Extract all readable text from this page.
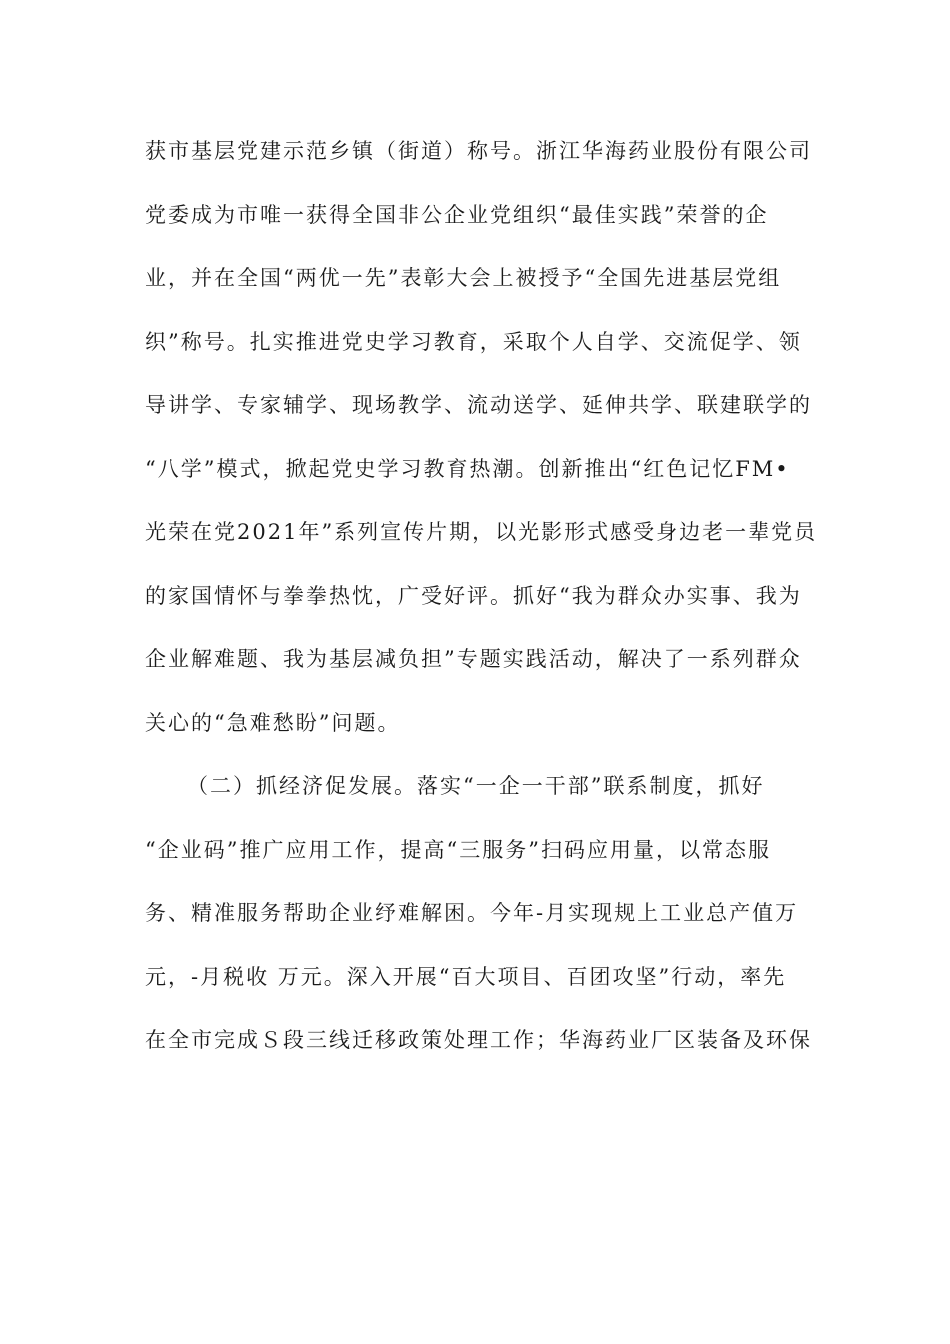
获市基层党建示范乡镇（街道）称号。浙江华海药业股份有限公司
党委成为市唯一获得全国非公企业党组织“最佳实践”荣誉的企
业，并在全国“两优一先”表彰大会上被授予“全国先进基层党组
织”称号。扎实推进党史学习教育，采取个人自学、交流促学、领
导讲学、专家辅学、现场教学、流动送学、延伸共学、联建联学的
“八学”模式，掀起党史学习教育热潮。创新推出“红色记忆FM•
光荣在党2021年”系列宣传片期，以光影形式感受身边老一辈党员
的家国情怀与拳拳热忱，广受好评。抓好“我为群众办实事、我为
企业解难题、我为基层减负担”专题实践活动，解决了一系列群众
关心的“急难愁盼”问题。
（二）抓经济促发展。落实“一企一干部”联系制度，抓好
“企业码”推广应用工作，提高“三服务”扫码应用量，以常态服
务、精准服务帮助企业纾难解困。今年-月实现规上工业总产值万
元，-月税收 万元。深入开展“百大项目、百团攻坚”行动，率先
在全市完成Ｓ段三线迁移政策处理工作；华海药业厂区装备及环保
